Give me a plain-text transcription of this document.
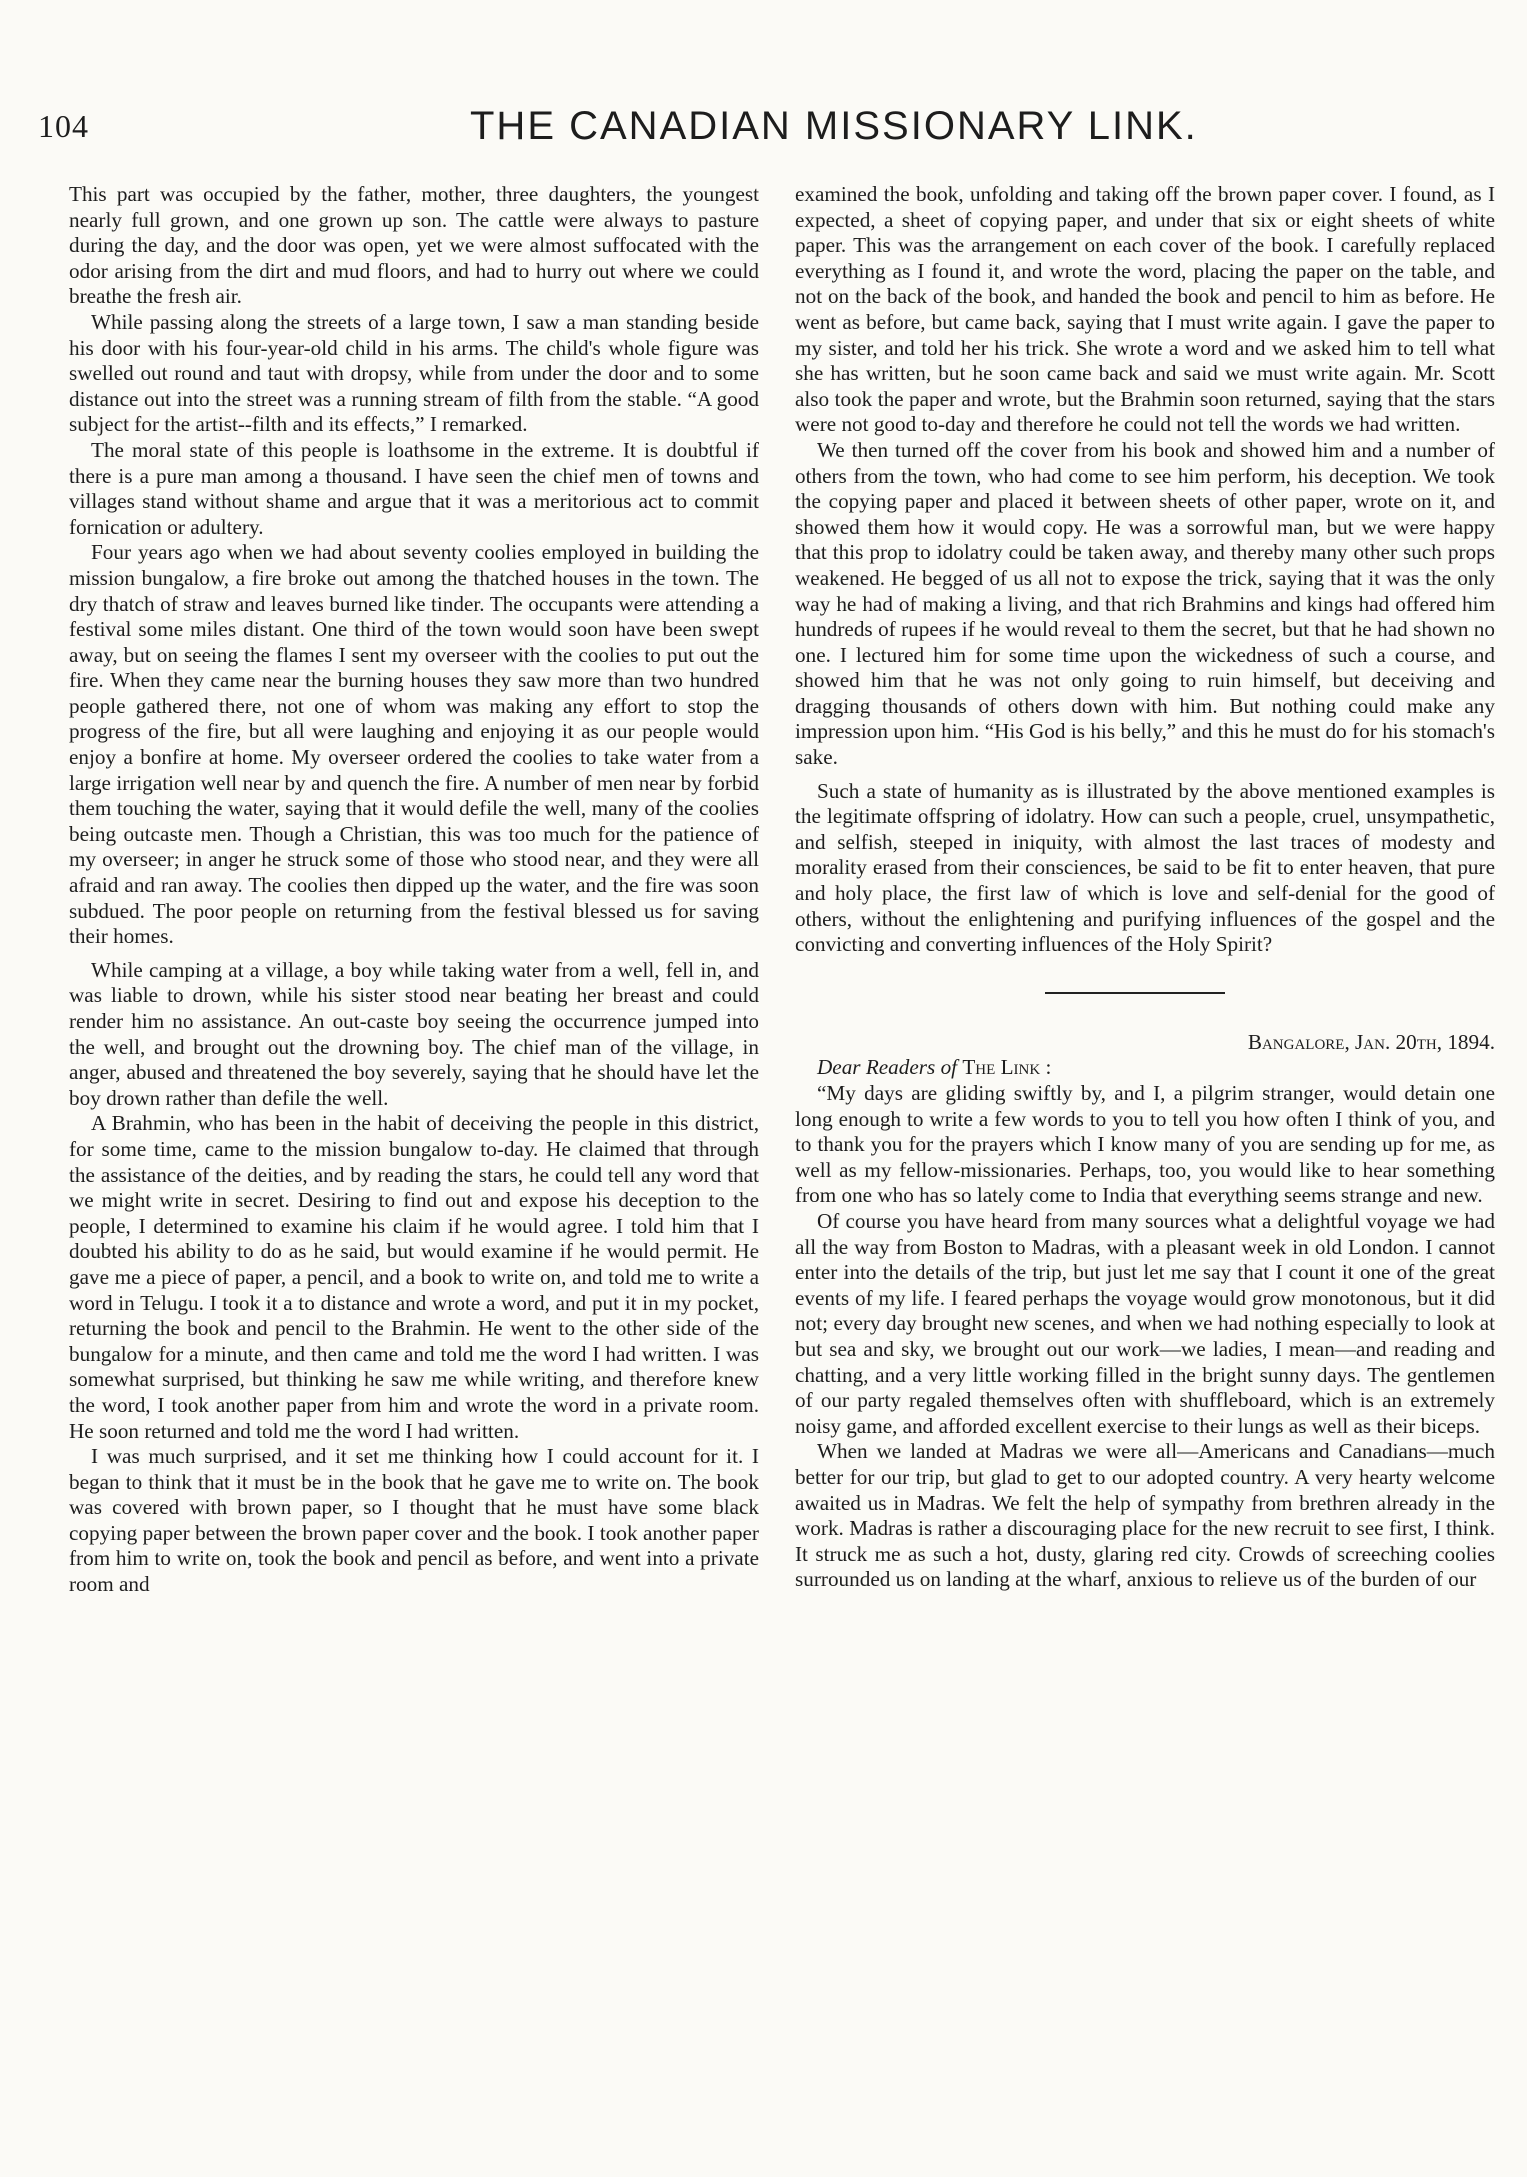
104	THE CANADIAN MISSIONARY LINK.

This part was occupied by the father, mother, three daughters, the youngest nearly full grown, and one grown up son. The cattle were always to pasture during the day, and the door was open, yet we were almost suffocated with the odor arising from the dirt and mud floors, and had to hurry out where we could breathe the fresh air.

While passing along the streets of a large town, I saw a man standing beside his door with his four-year-old child in his arms. The child's whole figure was swelled out round and taut with dropsy, while from under the door and to some distance out into the street was a running stream of filth from the stable. “A good subject for the artist--filth and its effects,” I remarked.

The moral state of this people is loathsome in the extreme. It is doubtful if there is a pure man among a thousand. I have seen the chief men of towns and villages stand without shame and argue that it was a meritorious act to commit fornication or adultery.

Four years ago when we had about seventy coolies employed in building the mission bungalow, a fire broke out among the thatched houses in the town. The dry thatch of straw and leaves burned like tinder. The occupants were attending a festival some miles distant. One third of the town would soon have been swept away, but on seeing the flames I sent my overseer with the coolies to put out the fire. When they came near the burning houses they saw more than two hundred people gathered there, not one of whom was making any effort to stop the progress of the fire, but all were laughing and enjoying it as our people would enjoy a bonfire at home. My overseer ordered the coolies to take water from a large irrigation well near by and quench the fire. A number of men near by forbid them touching the water, saying that it would defile the well, many of the coolies being outcaste men. Though a Christian, this was too much for the patience of my overseer; in anger he struck some of those who stood near, and they were all afraid and ran away. The coolies then dipped up the water, and the fire was soon subdued. The poor people on returning from the festival blessed us for saving their homes.

While camping at a village, a boy while taking water from a well, fell in, and was liable to drown, while his sister stood near beating her breast and could render him no assistance. An out-caste boy seeing the occurrence jumped into the well, and brought out the drowning boy. The chief man of the village, in anger, abused and threatened the boy severely, saying that he should have let the boy drown rather than defile the well.

A Brahmin, who has been in the habit of deceiving the people in this district, for some time, came to the mission bungalow to-day. He claimed that through the assistance of the deities, and by reading the stars, he could tell any word that we might write in secret. Desiring to find out and expose his deception to the people, I determined to examine his claim if he would agree. I told him that I doubted his ability to do as he said, but would examine if he would permit. He gave me a piece of paper, a pencil, and a book to write on, and told me to write a word in Telugu. I took it a to distance and wrote a word, and put it in my pocket, returning the book and pencil to the Brahmin. He went to the other side of the bungalow for a minute, and then came and told me the word I had written. I was somewhat surprised, but thinking he saw me while writing, and therefore knew the word, I took another paper from him and wrote the word in a private room. He soon returned and told me the word I had written.

I was much surprised, and it set me thinking how I could account for it. I began to think that it must be in the book that he gave me to write on. The book was covered with brown paper, so I thought that he must have some black copying paper between the brown paper cover and the book. I took another paper from him to write on, took the book and pencil as before, and went into a private room and

examined the book, unfolding and taking off the brown paper cover. I found, as I expected, a sheet of copying paper, and under that six or eight sheets of white paper. This was the arrangement on each cover of the book. I carefully replaced everything as I found it, and wrote the word, placing the paper on the table, and not on the back of the book, and handed the book and pencil to him as before. He went as before, but came back, saying that I must write again. I gave the paper to my sister, and told her his trick. She wrote a word and we asked him to tell what she has written, but he soon came back and said we must write again. Mr. Scott also took the paper and wrote, but the Brahmin soon returned, saying that the stars were not good to-day and therefore he could not tell the words we had written.

We then turned off the cover from his book and showed him and a number of others from the town, who had come to see him perform, his deception. We took the copying paper and placed it between sheets of other paper, wrote on it, and showed them how it would copy. He was a sorrowful man, but we were happy that this prop to idolatry could be taken away, and thereby many other such props weakened. He begged of us all not to expose the trick, saying that it was the only way he had of making a living, and that rich Brahmins and kings had offered him hundreds of rupees if he would reveal to them the secret, but that he had shown no one. I lectured him for some time upon the wickedness of such a course, and showed him that he was not only going to ruin himself, but deceiving and dragging thousands of others down with him. But nothing could make any impression upon him. “His God is his belly,” and this he must do for his stomach's sake.

Such a state of humanity as is illustrated by the above mentioned examples is the legitimate offspring of idolatry. How can such a people, cruel, unsympathetic, and selfish, steeped in iniquity, with almost the last traces of modesty and morality erased from their consciences, be said to be fit to enter heaven, that pure and holy place, the first law of which is love and self-denial for the good of others, without the enlightening and purifying influences of the gospel and the convicting and converting influences of the Holy Spirit?

Bangalore, Jan. 20th, 1894.

Dear Readers of The Link :

“My days are gliding swiftly by, and I, a pilgrim stranger, would detain one long enough to write a few words to you to tell you how often I think of you, and to thank you for the prayers which I know many of you are sending up for me, as well as my fellow-missionaries. Perhaps, too, you would like to hear something from one who has so lately come to India that everything seems strange and new.

Of course you have heard from many sources what a delightful voyage we had all the way from Boston to Madras, with a pleasant week in old London. I cannot enter into the details of the trip, but just let me say that I count it one of the great events of my life. I feared perhaps the voyage would grow monotonous, but it did not; every day brought new scenes, and when we had nothing especially to look at but sea and sky, we brought out our work—we ladies, I mean—and reading and chatting, and a very little working filled in the bright sunny days. The gentlemen of our party regaled themselves often with shuffleboard, which is an extremely noisy game, and afforded excellent exercise to their lungs as well as their biceps.

When we landed at Madras we were all—Americans and Canadians—much better for our trip, but glad to get to our adopted country. A very hearty welcome awaited us in Madras. We felt the help of sympathy from brethren already in the work. Madras is rather a discouraging place for the new recruit to see first, I think. It struck me as such a hot, dusty, glaring red city. Crowds of screeching coolies surrounded us on landing at the wharf, anxious to relieve us of the burden of our
